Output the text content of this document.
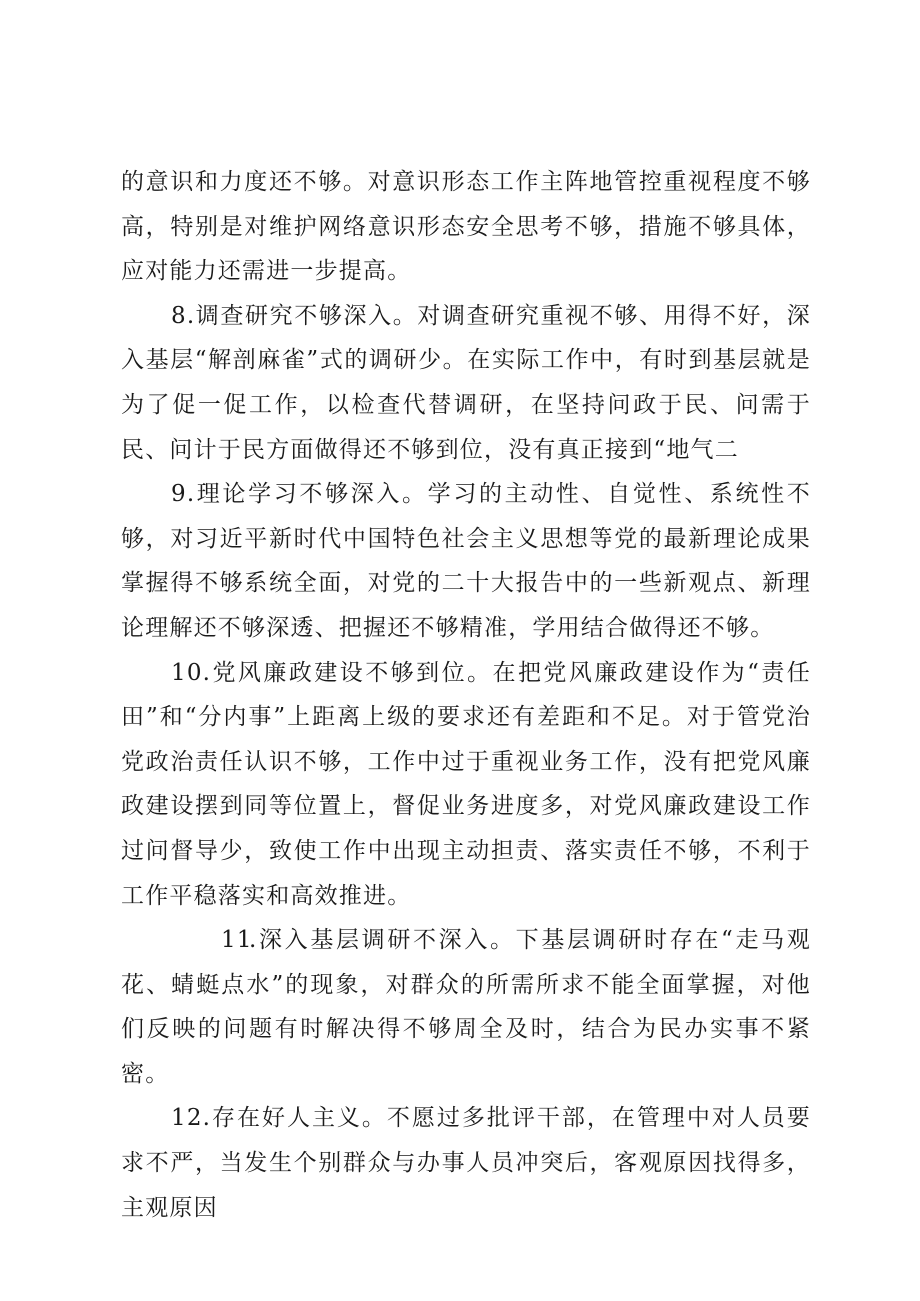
的意识和力度还不够。对意识形态工作主阵地管控重视程度不够高，特别是对维护网络意识形态安全思考不够，措施不够具体，应对能力还需进一步提高。

8.调查研究不够深入。对调查研究重视不够、用得不好，深入基层“解剖麻雀”式的调研少。在实际工作中，有时到基层就是为了促一促工作，以检查代替调研，在坚持问政于民、问需于民、问计于民方面做得还不够到位，没有真正接到“地气二

9.理论学习不够深入。学习的主动性、自觉性、系统性不够，对习近平新时代中国特色社会主义思想等党的最新理论成果掌握得不够系统全面，对党的二十大报告中的一些新观点、新理论理解还不够深透、把握还不够精准，学用结合做得还不够。

10.党风廉政建设不够到位。在把党风廉政建设作为“责任田”和“分内事”上距离上级的要求还有差距和不足。对于管党治党政治责任认识不够，工作中过于重视业务工作，没有把党风廉政建设摆到同等位置上，督促业务进度多，对党风廉政建设工作过问督导少，致使工作中出现主动担责、落实责任不够，不利于工作平稳落实和高效推进。

11.深入基层调研不深入。下基层调研时存在“走马观花、蜻蜓点水”的现象，对群众的所需所求不能全面掌握，对他们反映的问题有时解决得不够周全及时，结合为民办实事不紧密。

12.存在好人主义。不愿过多批评干部，在管理中对人员要求不严，当发生个别群众与办事人员冲突后，客观原因找得多，主观原因
